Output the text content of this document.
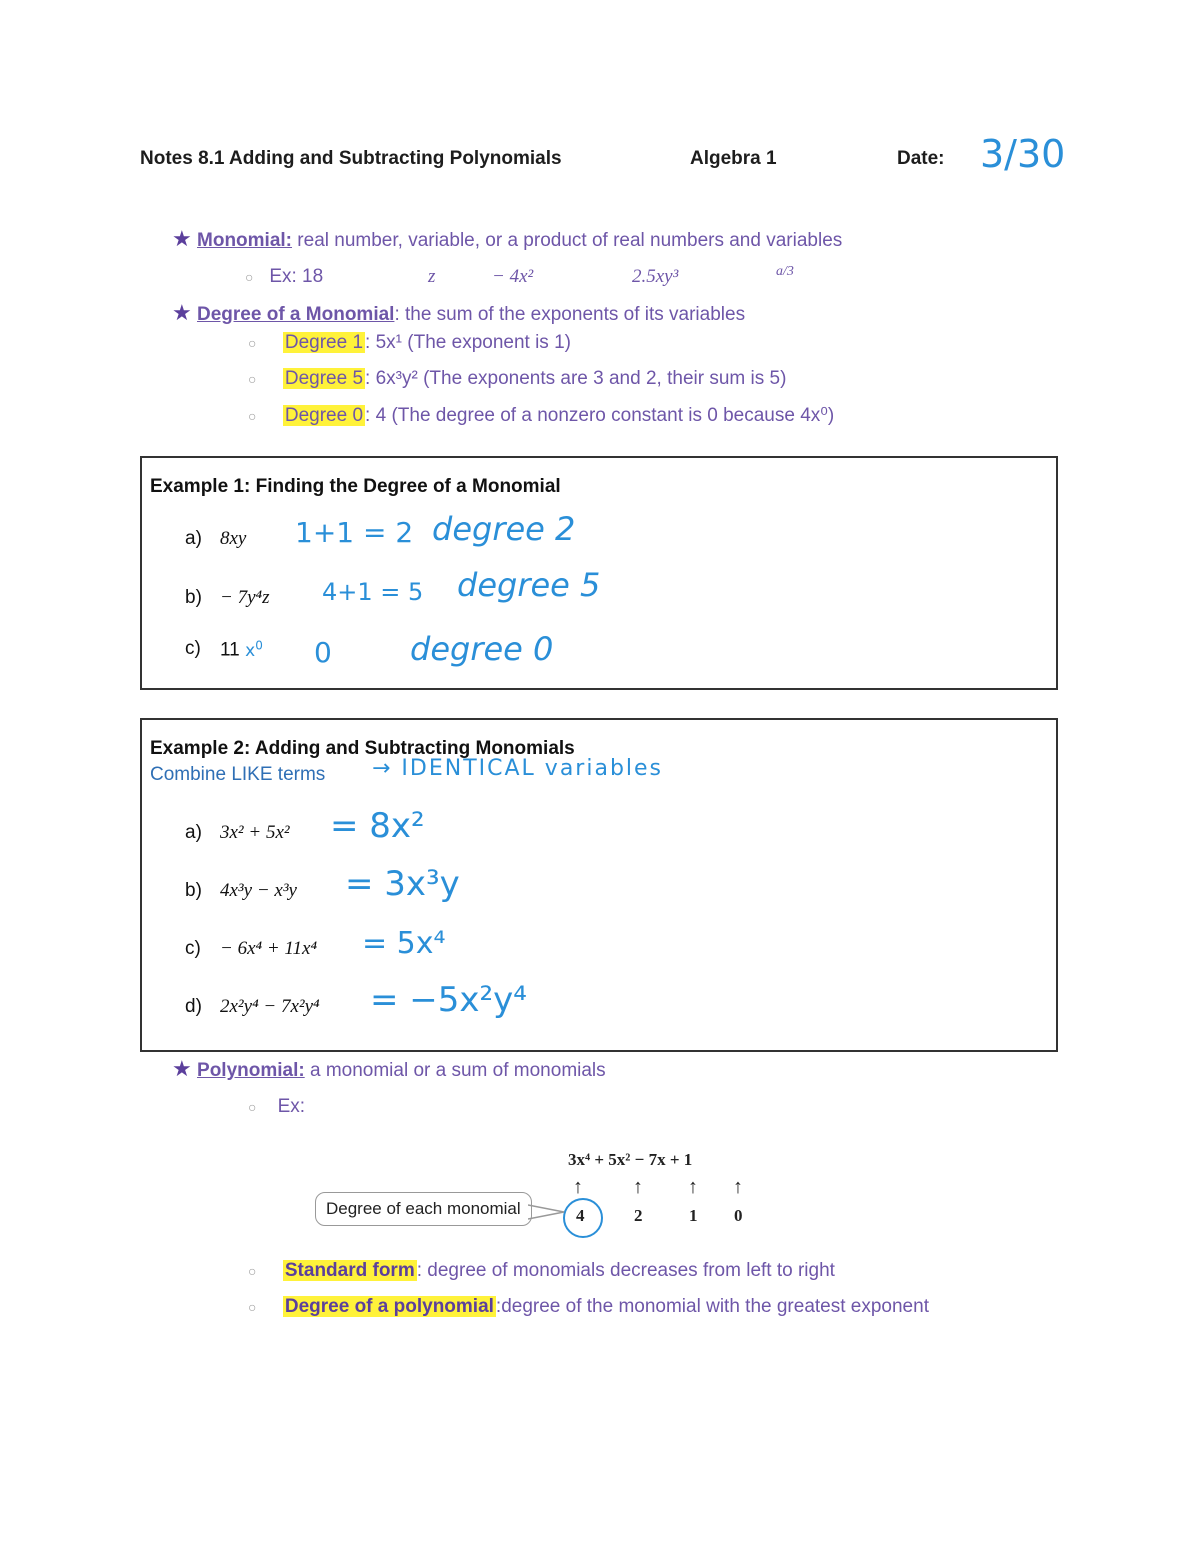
Notes 8.1 Adding and Subtracting Polynomials	Algebra 1	Date: 3/30
★ Monomial: real number, variable, or a product of real numbers and variables
○ Ex: 18	z	− 4x²	2.5xy³	a/3
★ Degree of a Monomial: the sum of the exponents of its variables
○ Degree 1 : 5x¹ (The exponent is 1)
○ Degree 5 : 6x³y² (The exponents are 3 and 2, their sum is 5)
○ Degree 0 : 4 (The degree of a nonzero constant is 0 because 4x⁰)
Example 1: Finding the Degree of a Monomial
a) 8xy 1+1 = 2 degree 2
b) − 7y⁴z 4+1 = 5 degree 5
c) 11 $x^0$ 0 degree 0
Example 2: Adding and Subtracting Monomials
Combine LIKE terms → IDENTICAL variables
a) 3x² + 5x² = 8x²
b) 4x³y − x³y = 3x³y
c) − 6x⁴ + 11x⁴ = 5x⁴
d) 2x²y⁴ − 7x²y⁴ = −5x²y⁴
★ Polynomial: a monomial or a sum of monomials
○ Ex:
3x⁴ + 5x² − 7x + 1
↑	↑ ↑ ↑
4	2	1 0
Degree of each monomial
○ Standard form : degree of monomials decreases from left to right
○ Degree of a polynomial :degree of the monomial with the greatest exponent
